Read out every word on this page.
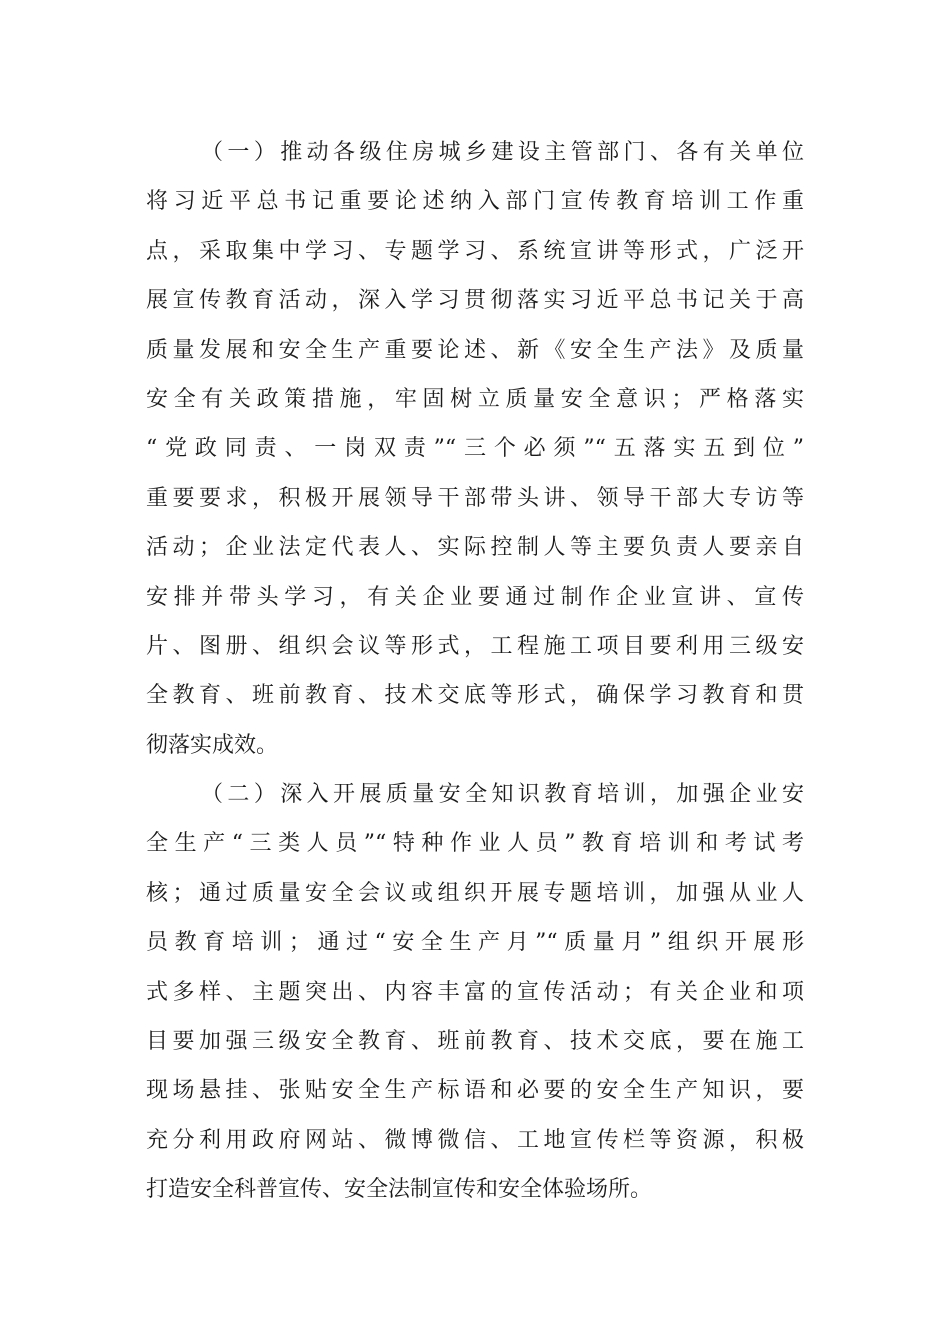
（一）推动各级住房城乡建设主管部门、各有关单位
将习近平总书记重要论述纳入部门宣传教育培训工作重
点，采取集中学习、专题学习、系统宣讲等形式，广泛开
展宣传教育活动，深入学习贯彻落实习近平总书记关于高
质量发展和安全生产重要论述、新《安全生产法》及质量
安全有关政策措施，牢固树立质量安全意识；严格落实
“党政同责、一岗双责”“三个必须”“五落实五到位”
重要要求，积极开展领导干部带头讲、领导干部大专访等
活动；企业法定代表人、实际控制人等主要负责人要亲自
安排并带头学习，有关企业要通过制作企业宣讲、宣传
片、图册、组织会议等形式，工程施工项目要利用三级安
全教育、班前教育、技术交底等形式，确保学习教育和贯
彻落实成效。
（二）深入开展质量安全知识教育培训，加强企业安
全生产“三类人员”“特种作业人员”教育培训和考试考
核；通过质量安全会议或组织开展专题培训，加强从业人
员教育培训；通过“安全生产月”“质量月”组织开展形
式多样、主题突出、内容丰富的宣传活动；有关企业和项
目要加强三级安全教育、班前教育、技术交底，要在施工
现场悬挂、张贴安全生产标语和必要的安全生产知识，要
充分利用政府网站、微博微信、工地宣传栏等资源，积极
打造安全科普宣传、安全法制宣传和安全体验场所。
